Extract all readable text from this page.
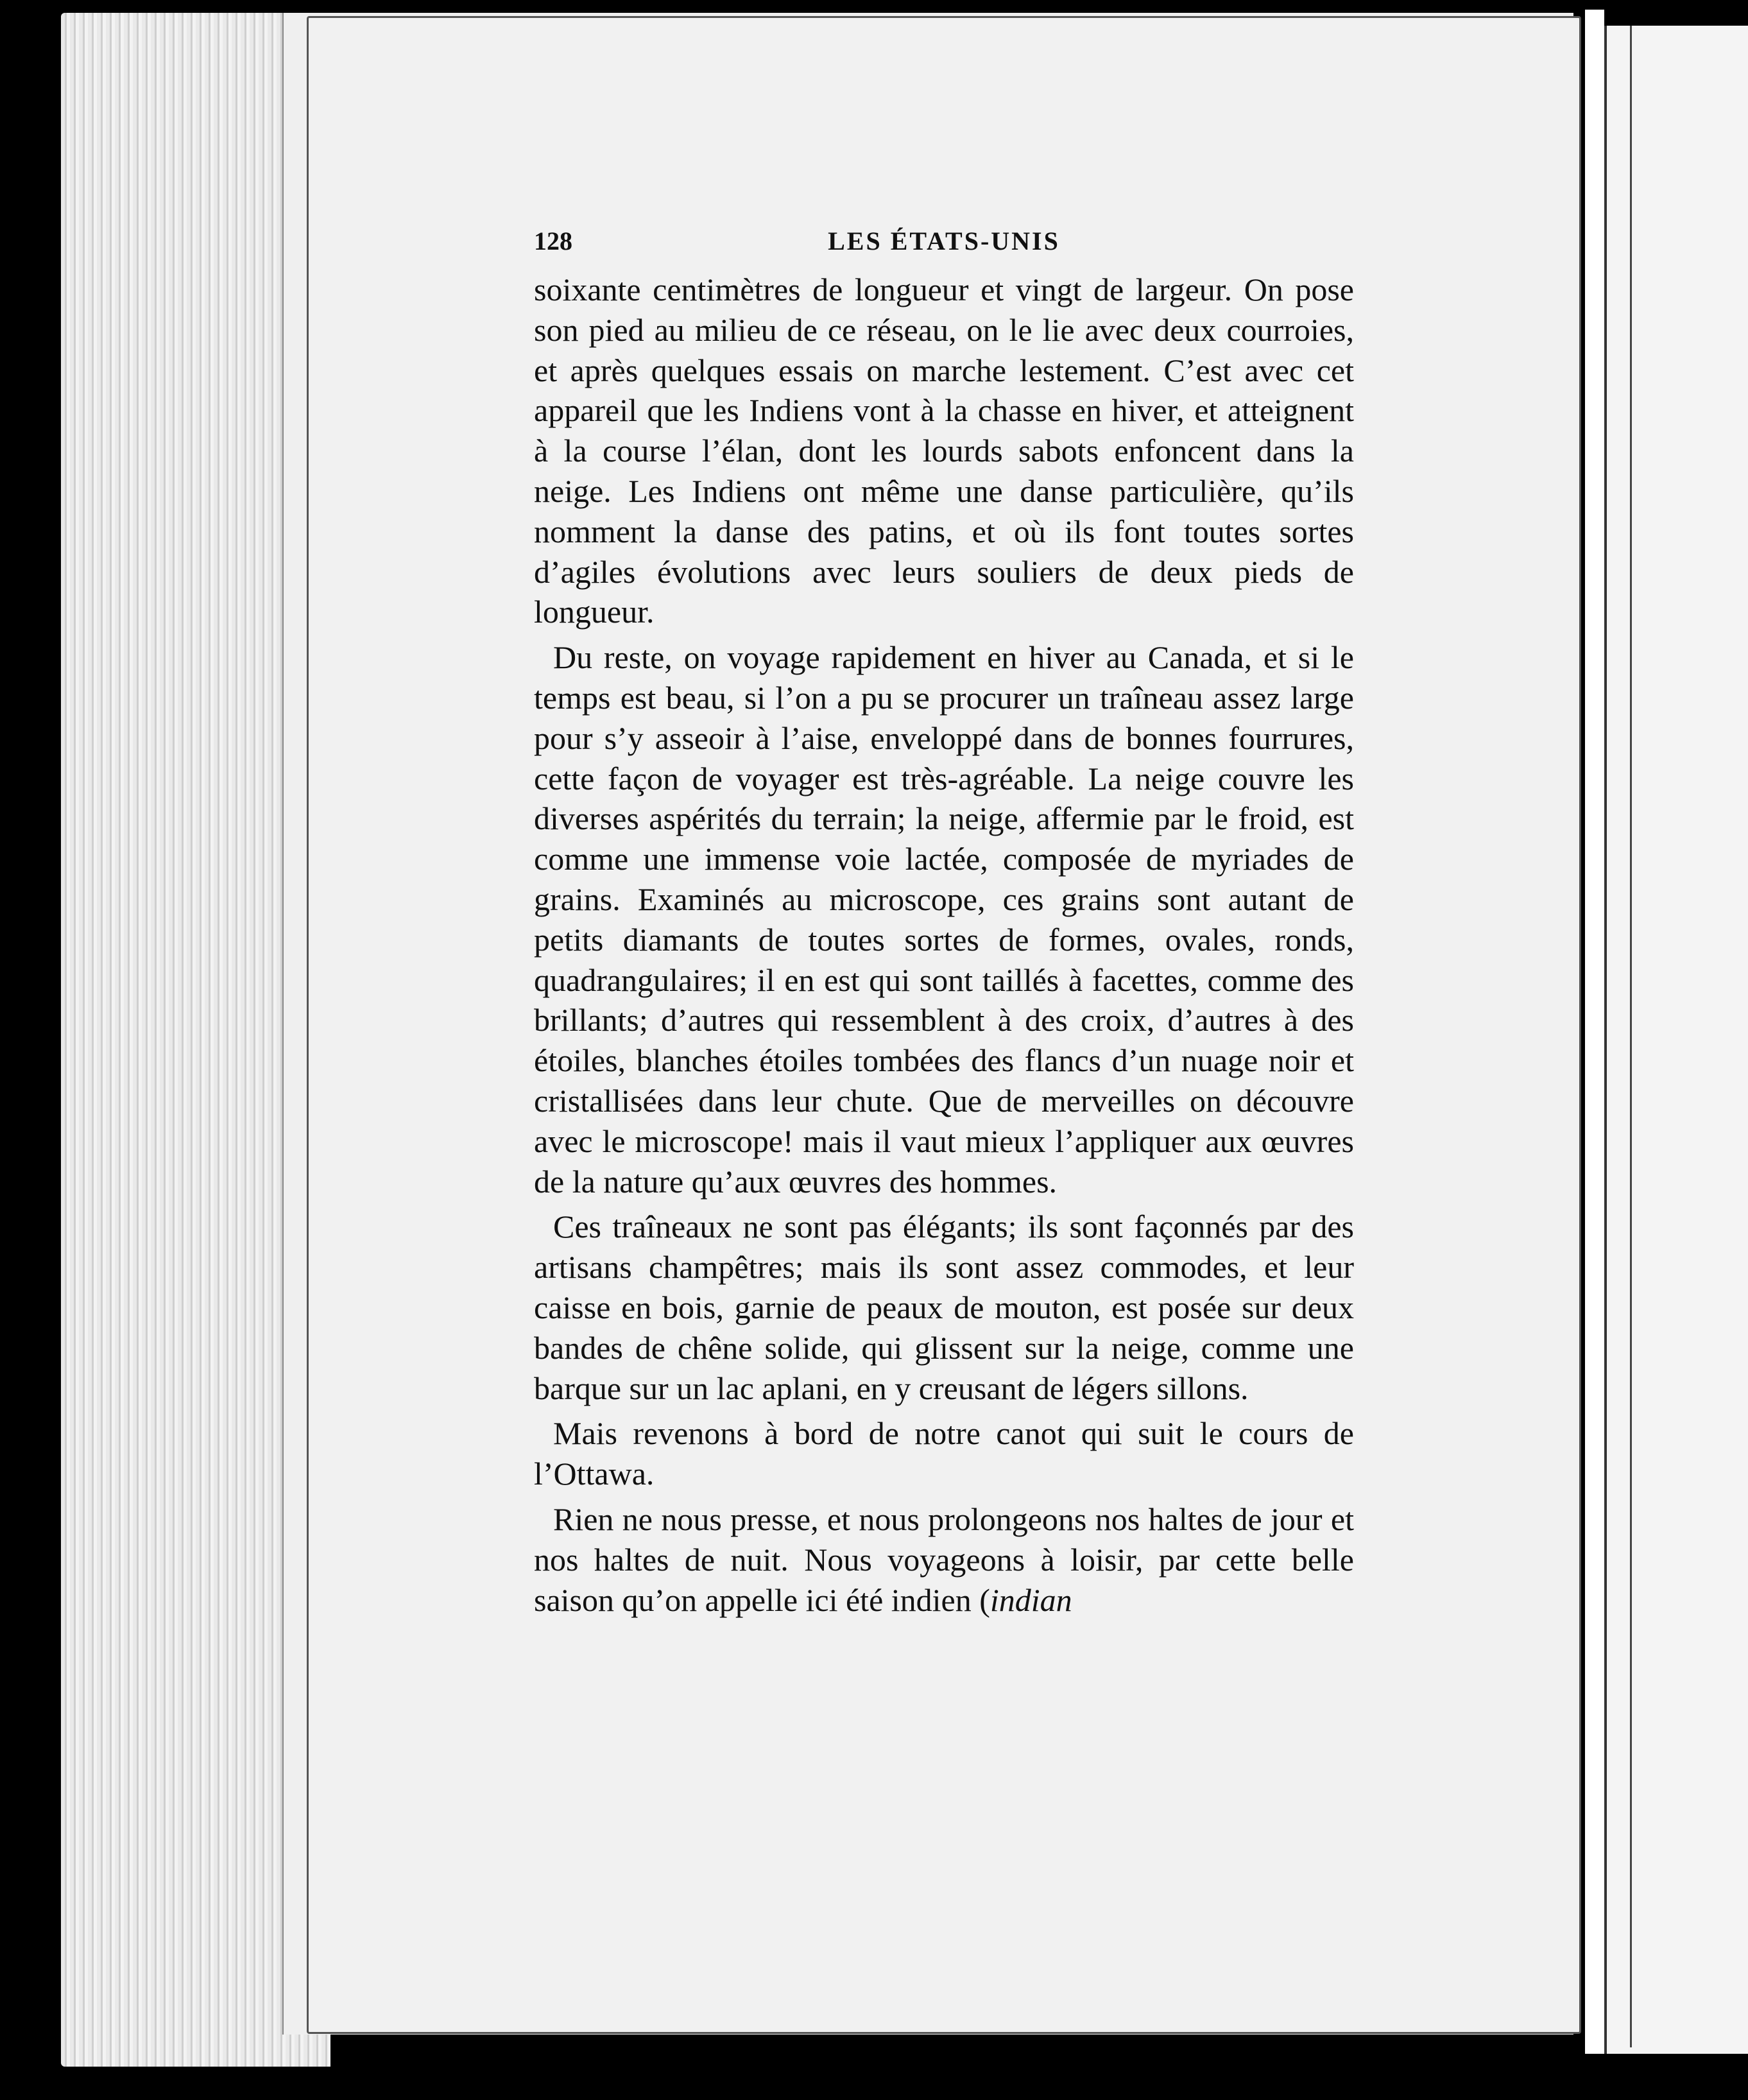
128	LES ÉTATS-UNIS

soixante centimètres de longueur et vingt de largeur. On pose son pied au milieu de ce réseau, on le lie avec deux courroies, et après quelques essais on marche lestement. C’est avec cet appareil que les Indiens vont à la chasse en hiver, et atteignent à la course l’élan, dont les lourds sabots enfoncent dans la neige. Les Indiens ont même une danse particulière, qu’ils nomment la danse des patins, et où ils font toutes sortes d’agiles évolutions avec leurs souliers de deux pieds de longueur.

Du reste, on voyage rapidement en hiver au Canada, et si le temps est beau, si l’on a pu se procurer un traîneau assez large pour s’y asseoir à l’aise, enveloppé dans de bonnes fourrures, cette façon de voyager est très-agréable. La neige couvre les diverses aspérités du terrain; la neige, affermie par le froid, est comme une immense voie lactée, composée de myriades de grains. Examinés au microscope, ces grains sont autant de petits diamants de toutes sortes de formes, ovales, ronds, quadrangulaires; il en est qui sont taillés à facettes, comme des brillants; d’autres qui ressemblent à des croix, d’autres à des étoiles, blanches étoiles tombées des flancs d’un nuage noir et cristallisées dans leur chute. Que de merveilles on découvre avec le microscope! mais il vaut mieux l’appliquer aux œuvres de la nature qu’aux œuvres des hommes.

Ces traîneaux ne sont pas élégants; ils sont façonnés par des artisans champêtres; mais ils sont assez commodes, et leur caisse en bois, garnie de peaux de mouton, est posée sur deux bandes de chêne solide, qui glissent sur la neige, comme une barque sur un lac aplani, en y creusant de légers sillons.

Mais revenons à bord de notre canot qui suit le cours de l’Ottawa.

Rien ne nous presse, et nous prolongeons nos haltes de jour et nos haltes de nuit. Nous voyageons à loisir, par cette belle saison qu’on appelle ici été indien (indian
